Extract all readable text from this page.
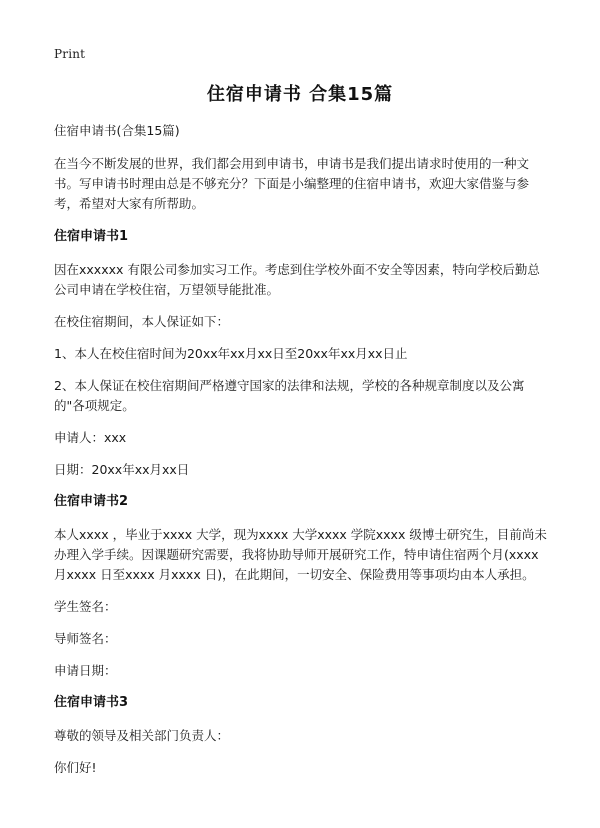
Print
住宿申请书 合集15篇

住宿申请书(合集15篇)

在当今不断发展的世界，我们都会用到申请书，申请书是我们提出请求时使用的一种文书。写申请书时理由总是不够充分？下面是小编整理的住宿申请书，欢迎大家借鉴与参考，希望对大家有所帮助。

住宿申请书1

因在xxxxxx 有限公司参加实习工作。考虑到住学校外面不安全等因素，特向学校后勤总公司申请在学校住宿，万望领导能批准。

在校住宿期间，本人保证如下：

1、本人在校住宿时间为20xx年xx月xx日至20xx年xx月xx日止

2、本人保证在校住宿期间严格遵守国家的法律和法规，学校的各种规章制度以及公寓的"各项规定。

申请人：xxx

日期：20xx年xx月xx日

住宿申请书2

本人xxxx ，毕业于xxxx 大学，现为xxxx 大学xxxx 学院xxxx 级博士研究生，目前尚未办理入学手续。因课题研究需要，我将协助导师开展研究工作，特申请住宿两个月(xxxx 月xxxx 日至xxxx 月xxxx 日)，在此期间，一切安全、保险费用等事项均由本人承担。

学生签名：

导师签名：

申请日期：

住宿申请书3

尊敬的领导及相关部门负责人：

你们好!
